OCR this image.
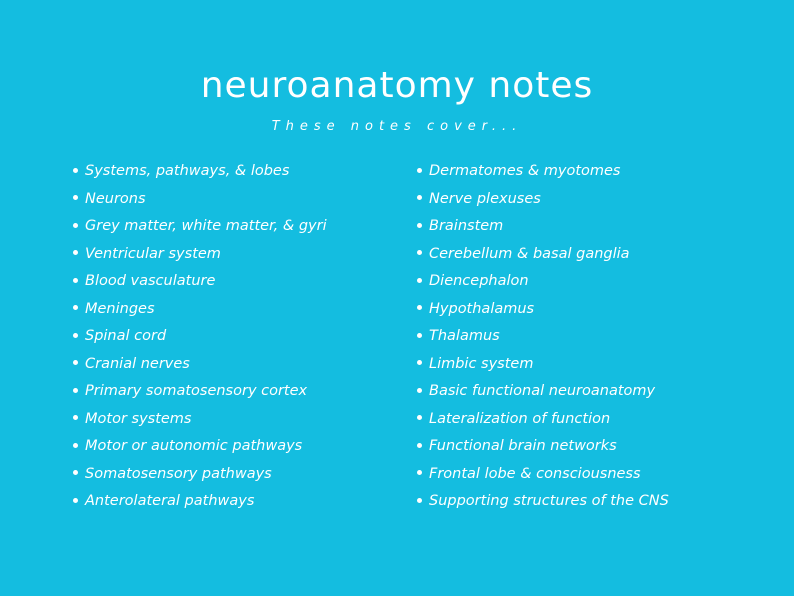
neuroanatomy notes
These notes cover...
Systems, pathways, & lobes
Neurons
Grey matter, white matter, & gyri
Ventricular system
Blood vasculature
Meninges
Spinal cord
Cranial nerves
Primary somatosensory cortex
Motor systems
Motor or autonomic pathways
Somatosensory pathways
Anterolateral pathways
Dermatomes & myotomes
Nerve plexuses
Brainstem
Cerebellum & basal ganglia
Diencephalon
Hypothalamus
Thalamus
Limbic system
Basic functional neuroanatomy
Lateralization of function
Functional brain networks
Frontal lobe & consciousness
Supporting structures of the CNS
